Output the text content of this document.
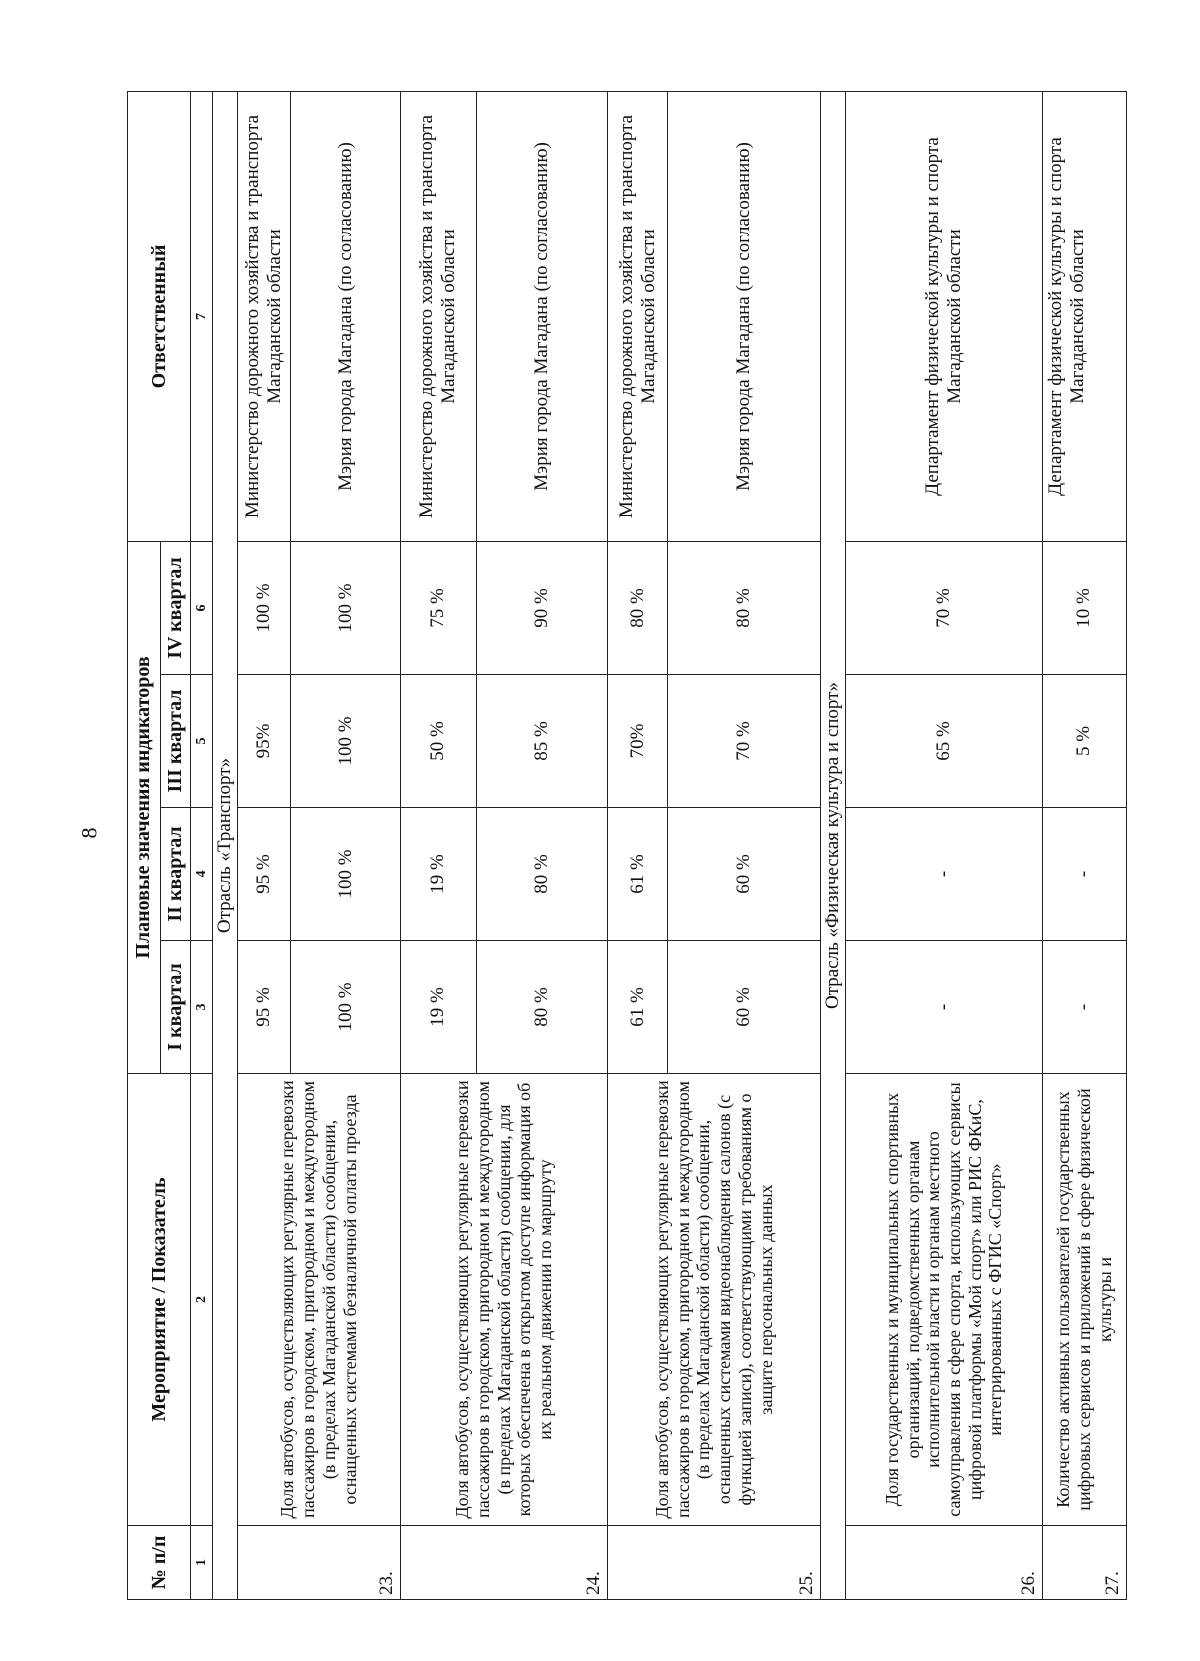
8
№ п/п	Мероприятие / Показатель	Плановые значения индикаторов				Ответственный
		I квартал	II квартал	III квартал	IV квартал	
1	2	3	4	5	6	7
Отрасль «Транспорт»						
23.	Доля автобусов, осуществляющих регулярные перевозки пассажиров в городском, пригородном и междугородном (в пределах Магаданской области) сообщении, оснащенных системами безналичной оплаты проезда	95 %	95 %	95%	100 %	Министерство дорожного хозяйства и транспорта Магаданской области
		100 %	100 %	100 %	100 %	Мэрия города Магадана (по согласованию)
24.	Доля автобусов, осуществляющих регулярные перевозки пассажиров в городском, пригородном и междугородном (в пределах Магаданской области) сообщении, для которых обеспечена в открытом доступе информация об их реальном движении по маршруту	19 %	19 %	50 %	75 %	Министерство дорожного хозяйства и транспорта Магаданской области
		80 %	80 %	85 %	90 %	Мэрия города Магадана (по согласованию)
25.	Доля автобусов, осуществляющих регулярные перевозки пассажиров в городском, пригородном и междугородном (в пределах Магаданской области) сообщении, оснащенных системами видеонаблюдения салонов (с функцией записи), соответствующими требованиям о защите персональных данных	61 %	61 %	70%	80 %	Министерство дорожного хозяйства и транспорта Магаданской области
		60 %	60 %	70 %	80 %	Мэрия города Магадана (по согласованию)
Отрасль «Физическая культура и спорт»						
26.	Доля государственных и муниципальных спортивных организаций, подведомственных органам исполнительной власти и органам местного самоуправления в сфере спорта, использующих сервисы цифровой платформы «Мой спорт» или РИС ФКиС, интегрированных с ФГИС «Спорт»	-	-	65 %	70 %	Департамент физической культуры и спорта Магаданской области
27.	Количество активных пользователей государственных цифровых сервисов и приложений в сфере физической культуры и	-	-	5 %	10 %	Департамент физической культуры и спорта Магаданской области
